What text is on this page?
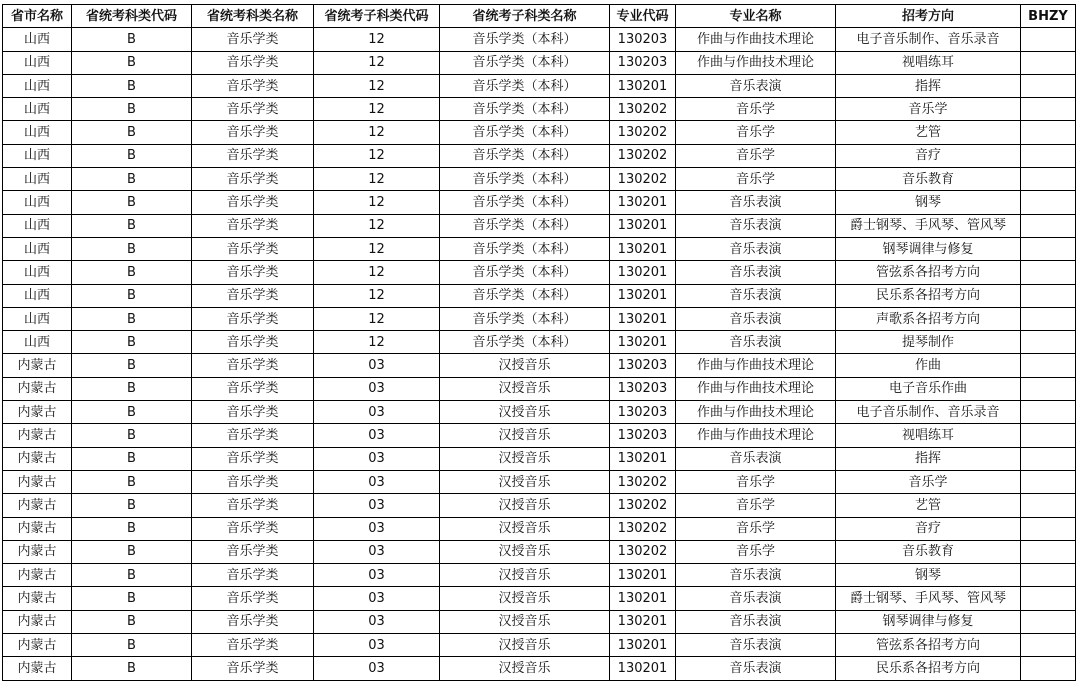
省市名称	省统考科类代码	省统考科类名称	省统考子科类代码	省统考子科类名称	专业代码	专业名称	招考方向	BHZY
山西	B	音乐学类	12	音乐学类（本科）	130203	作曲与作曲技术理论	电子音乐制作、音乐录音	
山西	B	音乐学类	12	音乐学类（本科）	130203	作曲与作曲技术理论	视唱练耳	
山西	B	音乐学类	12	音乐学类（本科）	130201	音乐表演	指挥	
山西	B	音乐学类	12	音乐学类（本科）	130202	音乐学	音乐学	
山西	B	音乐学类	12	音乐学类（本科）	130202	音乐学	艺管	
山西	B	音乐学类	12	音乐学类（本科）	130202	音乐学	音疗	
山西	B	音乐学类	12	音乐学类（本科）	130202	音乐学	音乐教育	
山西	B	音乐学类	12	音乐学类（本科）	130201	音乐表演	钢琴	
山西	B	音乐学类	12	音乐学类（本科）	130201	音乐表演	爵士钢琴、手风琴、管风琴	
山西	B	音乐学类	12	音乐学类（本科）	130201	音乐表演	钢琴调律与修复	
山西	B	音乐学类	12	音乐学类（本科）	130201	音乐表演	管弦系各招考方向	
山西	B	音乐学类	12	音乐学类（本科）	130201	音乐表演	民乐系各招考方向	
山西	B	音乐学类	12	音乐学类（本科）	130201	音乐表演	声歌系各招考方向	
山西	B	音乐学类	12	音乐学类（本科）	130201	音乐表演	提琴制作	
内蒙古	B	音乐学类	03	汉授音乐	130203	作曲与作曲技术理论	作曲	
内蒙古	B	音乐学类	03	汉授音乐	130203	作曲与作曲技术理论	电子音乐作曲	
内蒙古	B	音乐学类	03	汉授音乐	130203	作曲与作曲技术理论	电子音乐制作、音乐录音	
内蒙古	B	音乐学类	03	汉授音乐	130203	作曲与作曲技术理论	视唱练耳	
内蒙古	B	音乐学类	03	汉授音乐	130201	音乐表演	指挥	
内蒙古	B	音乐学类	03	汉授音乐	130202	音乐学	音乐学	
内蒙古	B	音乐学类	03	汉授音乐	130202	音乐学	艺管	
内蒙古	B	音乐学类	03	汉授音乐	130202	音乐学	音疗	
内蒙古	B	音乐学类	03	汉授音乐	130202	音乐学	音乐教育	
内蒙古	B	音乐学类	03	汉授音乐	130201	音乐表演	钢琴	
内蒙古	B	音乐学类	03	汉授音乐	130201	音乐表演	爵士钢琴、手风琴、管风琴	
内蒙古	B	音乐学类	03	汉授音乐	130201	音乐表演	钢琴调律与修复	
内蒙古	B	音乐学类	03	汉授音乐	130201	音乐表演	管弦系各招考方向	
内蒙古	B	音乐学类	03	汉授音乐	130201	音乐表演	民乐系各招考方向	
